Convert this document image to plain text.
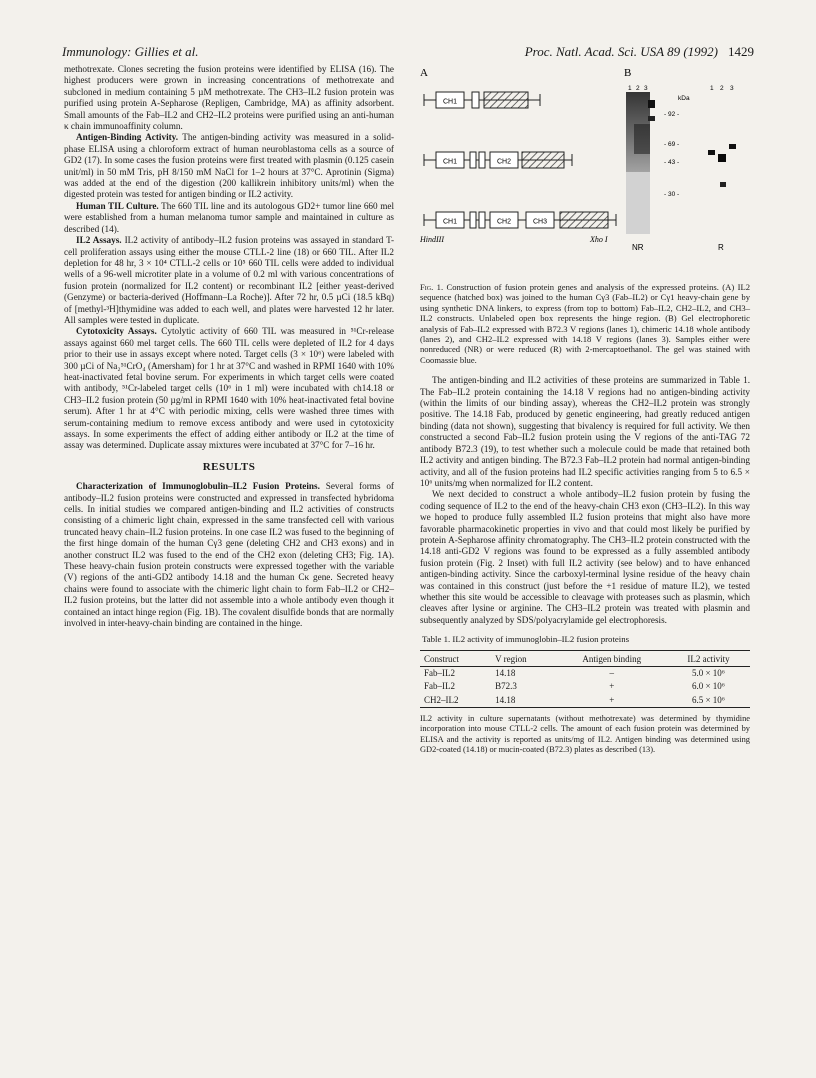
Immunology: Gillies et al.	Proc. Natl. Acad. Sci. USA 89 (1992) 1429

methotrexate. Clones secreting the fusion proteins were identified by ELISA (16). The highest producers were grown in increasing concentrations of methotrexate and subcloned in medium containing 5 µM methotrexate. The CH3–IL2 fusion protein was purified using protein A-Sepharose (Repligen, Cambridge, MA) as affinity adsorbent. Small amounts of the Fab–IL2 and CH2–IL2 proteins were purified using an anti-human κ chain immunoaffinity column.

Antigen-Binding Activity. The antigen-binding activity was measured in a solid-phase ELISA using a chloroform extract of human neuroblastoma cells as a source of GD2 (17). In some cases the fusion proteins were first treated with plasmin (0.125 casein unit/ml) in 50 mM Tris, pH 8/150 mM NaCl for 1–2 hours at 37°C. Aprotinin (Sigma) was added at the end of the digestion (200 kallikrein inhibitory units/ml) when the digested protein was tested for antigen binding or IL2 activity.

Human TIL Culture. The 660 TIL line and its autologous GD2+ tumor line 660 mel were established from a human melanoma tumor sample and maintained in culture as described (14).

IL2 Assays. IL2 activity of antibody–IL2 fusion proteins was assayed in standard T-cell proliferation assays using either the mouse CTLL-2 line (18) or 660 TIL. After IL2 depletion for 48 hr, 3 × 10⁴ CTLL-2 cells or 10⁵ 660 TIL cells were added to individual wells of a 96-well microtiter plate in a volume of 0.2 ml with various concentrations of fusion protein (normalized for IL2 content) or recombinant IL2 [either yeast-derived (Genzyme) or bacteria-derived (Hoffmann–La Roche)]. After 72 hr, 0.5 µCi (18.5 kBq) of [methyl-³H]thymidine was added to each well, and plates were harvested 12 hr later. All samples were tested in duplicate.

Cytotoxicity Assays. Cytolytic activity of 660 TIL was measured in ⁵¹Cr-release assays against 660 mel target cells. The 660 TIL cells were depleted of IL2 for 4 days prior to their use in assays except where noted. Target cells (3 × 10⁶) were labeled with 300 µCi of Na₂⁵¹CrO₄ (Amersham) for 1 hr at 37°C and washed in RPMI 1640 with 10% heat-inactivated fetal bovine serum. For experiments in which target cells were coated with antibody, ⁵¹Cr-labeled target cells (10⁶ in 1 ml) were incubated with ch14.18 or CH3–IL2 fusion protein (50 µg/ml in RPMI 1640 with 10% heat-inactivated fetal bovine serum). After 1 hr at 4°C with periodic mixing, cells were washed three times with serum-containing medium to remove excess antibody and were used in cytotoxicity assays. In some experiments the effect of adding either antibody or IL2 at the time of assay was determined. Duplicate assay mixtures were incubated at 37°C for 7–16 hr.

RESULTS

Characterization of Immunoglobulin–IL2 Fusion Proteins. Several forms of antibody–IL2 fusion proteins were constructed and expressed in transfected hybridoma cells. In initial studies we compared antigen-binding and IL2 activities of constructs consisting of a chimeric light chain, expressed in the same transfected cell with various truncated heavy chain–IL2 fusion proteins. In one case IL2 was fused to the beginning of the first hinge domain of the human Cγ3 gene (deleting CH2 and CH3 exons) and in another construct IL2 was fused to the end of the CH2 exon (deleting CH3; Fig. 1A). These heavy-chain fusion protein constructs were expressed together with the variable (V) regions of the anti-GD2 antibody 14.18 and the human Cκ gene. Secreted heavy chains were found to associate with the chimeric light chain to form Fab–IL2 or CH2–IL2 fusion proteins, but the latter did not assemble into a whole antibody even though it contained an intact hinge region (Fig. 1B). The covalent disulfide bonds that are normally involved in inter-heavy-chain binding are contained in the hinge.

A
CH1
CH1	CH2
CH1	CH2	CH3
HindIII	Xho I
B
1 2 3	1 2 3
kDa
- 92 -
- 69 -
- 43 -
- 30 -
NR	R
Fig. 1. Construction of fusion protein genes and analysis of the expressed proteins. (A) IL2 sequence (hatched box) was joined to the human Cγ3 (Fab–IL2) or Cγ1 heavy-chain gene by using synthetic DNA linkers, to express (from top to bottom) Fab–IL2, CH2–IL2, and CH3–IL2 constructs. Unlabeled open box represents the hinge region. (B) Gel electrophoretic analysis of Fab–IL2 expressed with B72.3 V regions (lanes 1), chimeric 14.18 whole antibody (lanes 2), and CH2–IL2 expressed with 14.18 V regions (lanes 3). Samples either were nonreduced (NR) or were reduced (R) with 2-mercaptoethanol. The gel was stained with Coomassie blue.

The antigen-binding and IL2 activities of these proteins are summarized in Table 1. The Fab–IL2 protein containing the 14.18 V regions had no antigen-binding activity (within the limits of our binding assay), whereas the CH2–IL2 protein was strongly positive. The 14.18 Fab, produced by genetic engineering, had greatly reduced antigen binding (data not shown), suggesting that bivalency is required for full activity. We then constructed a second Fab–IL2 fusion protein using the V regions of the anti-TAG 72 antibody B72.3 (19), to test whether such a molecule could be made that retained both IL2 activity and antigen binding. The B72.3 Fab–IL2 protein had normal antigen-binding activity, and all of the fusion proteins had IL2 specific activities ranging from 5 to 6.5 × 10⁶ units/mg when normalized for IL2 content.

We next decided to construct a whole antibody–IL2 fusion protein by fusing the coding sequence of IL2 to the end of the heavy-chain CH3 exon (CH3–IL2). In this way we hoped to produce fully assembled IL2 fusion proteins that might also have more favorable pharmacokinetic properties in vivo and that could most likely be purified by protein A-Sepharose affinity chromatography. The CH3–IL2 protein constructed with the 14.18 anti-GD2 V regions was found to be expressed as a fully assembled antibody fusion protein (Fig. 2 Inset) with full IL2 activity (see below) and to have enhanced antigen-binding activity. Since the carboxyl-terminal lysine residue of the heavy chain was contained in this construct (just before the +1 residue of mature IL2), we tested whether this site would be accessible to cleavage with proteases such as plasmin, which cleaves after lysine or arginine. The CH3–IL2 protein was treated with plasmin and subsequently analyzed by SDS/polyacrylamide gel electrophoresis.

Table 1. IL2 activity of immunoglobin–IL2 fusion proteins

Construct	V region	Antigen binding	IL2 activity
Fab–IL2	14.18	–	5.0 × 10⁶
Fab–IL2	B72.3	+	6.0 × 10⁶
CH2–IL2	14.18	+	6.5 × 10⁶
IL2 activity in culture supernatants (without methotrexate) was determined by thymidine incorporation into mouse CTLL-2 cells. The amount of each fusion protein was determined by ELISA and the activity is reported as units/mg of IL2. Antigen binding was determined using GD2-coated (14.18) or mucin-coated (B72.3) plates as described (13).
